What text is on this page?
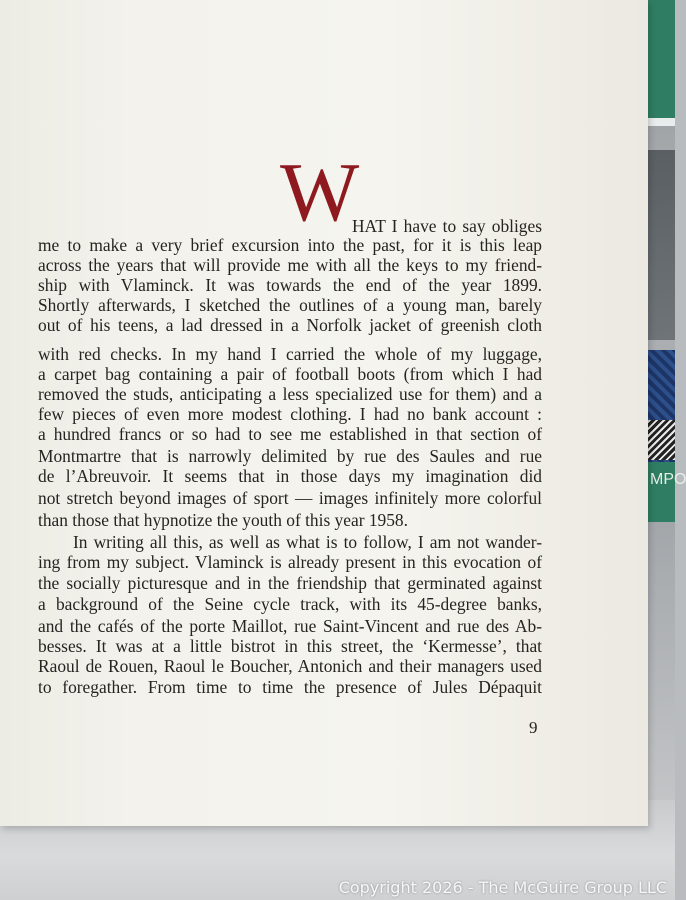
MPO
W
HAT I have to say obliges
me to make a very brief excursion into the past, for it is this leap
across the years that will provide me with all the keys to my friend-
ship with Vlaminck. It was towards the end of the year 1899.
Shortly afterwards, I sketched the outlines of a young man, barely
out of his teens, a lad dressed in a Norfolk jacket of greenish cloth
with red checks. In my hand I carried the whole of my luggage,
a carpet bag containing a pair of football boots (from which I had
removed the studs, anticipating a less specialized use for them) and a
few pieces of even more modest clothing. I had no bank account :
a hundred francs or so had to see me established in that section of
Montmartre that is narrowly delimited by rue des Saules and rue
de l’Abreuvoir. It seems that in those days my imagination did
not stretch beyond images of sport — images infinitely more colorful
than those that hypnotize the youth of this year 1958.
In writing all this, as well as what is to follow, I am not wander-
ing from my subject. Vlaminck is already present in this evocation of
the socially picturesque and in the friendship that germinated against
a background of the Seine cycle track, with its 45-degree banks,
and the cafés of the porte Maillot, rue Saint-Vincent and rue des Ab-
besses. It was at a little bistrot in this street, the ‘Kermesse’, that
Raoul de Rouen, Raoul le Boucher, Antonich and their managers used
to foregather. From time to time the presence of Jules Dépaquit
9
Copyright 2026 - The McGuire Group LLC
